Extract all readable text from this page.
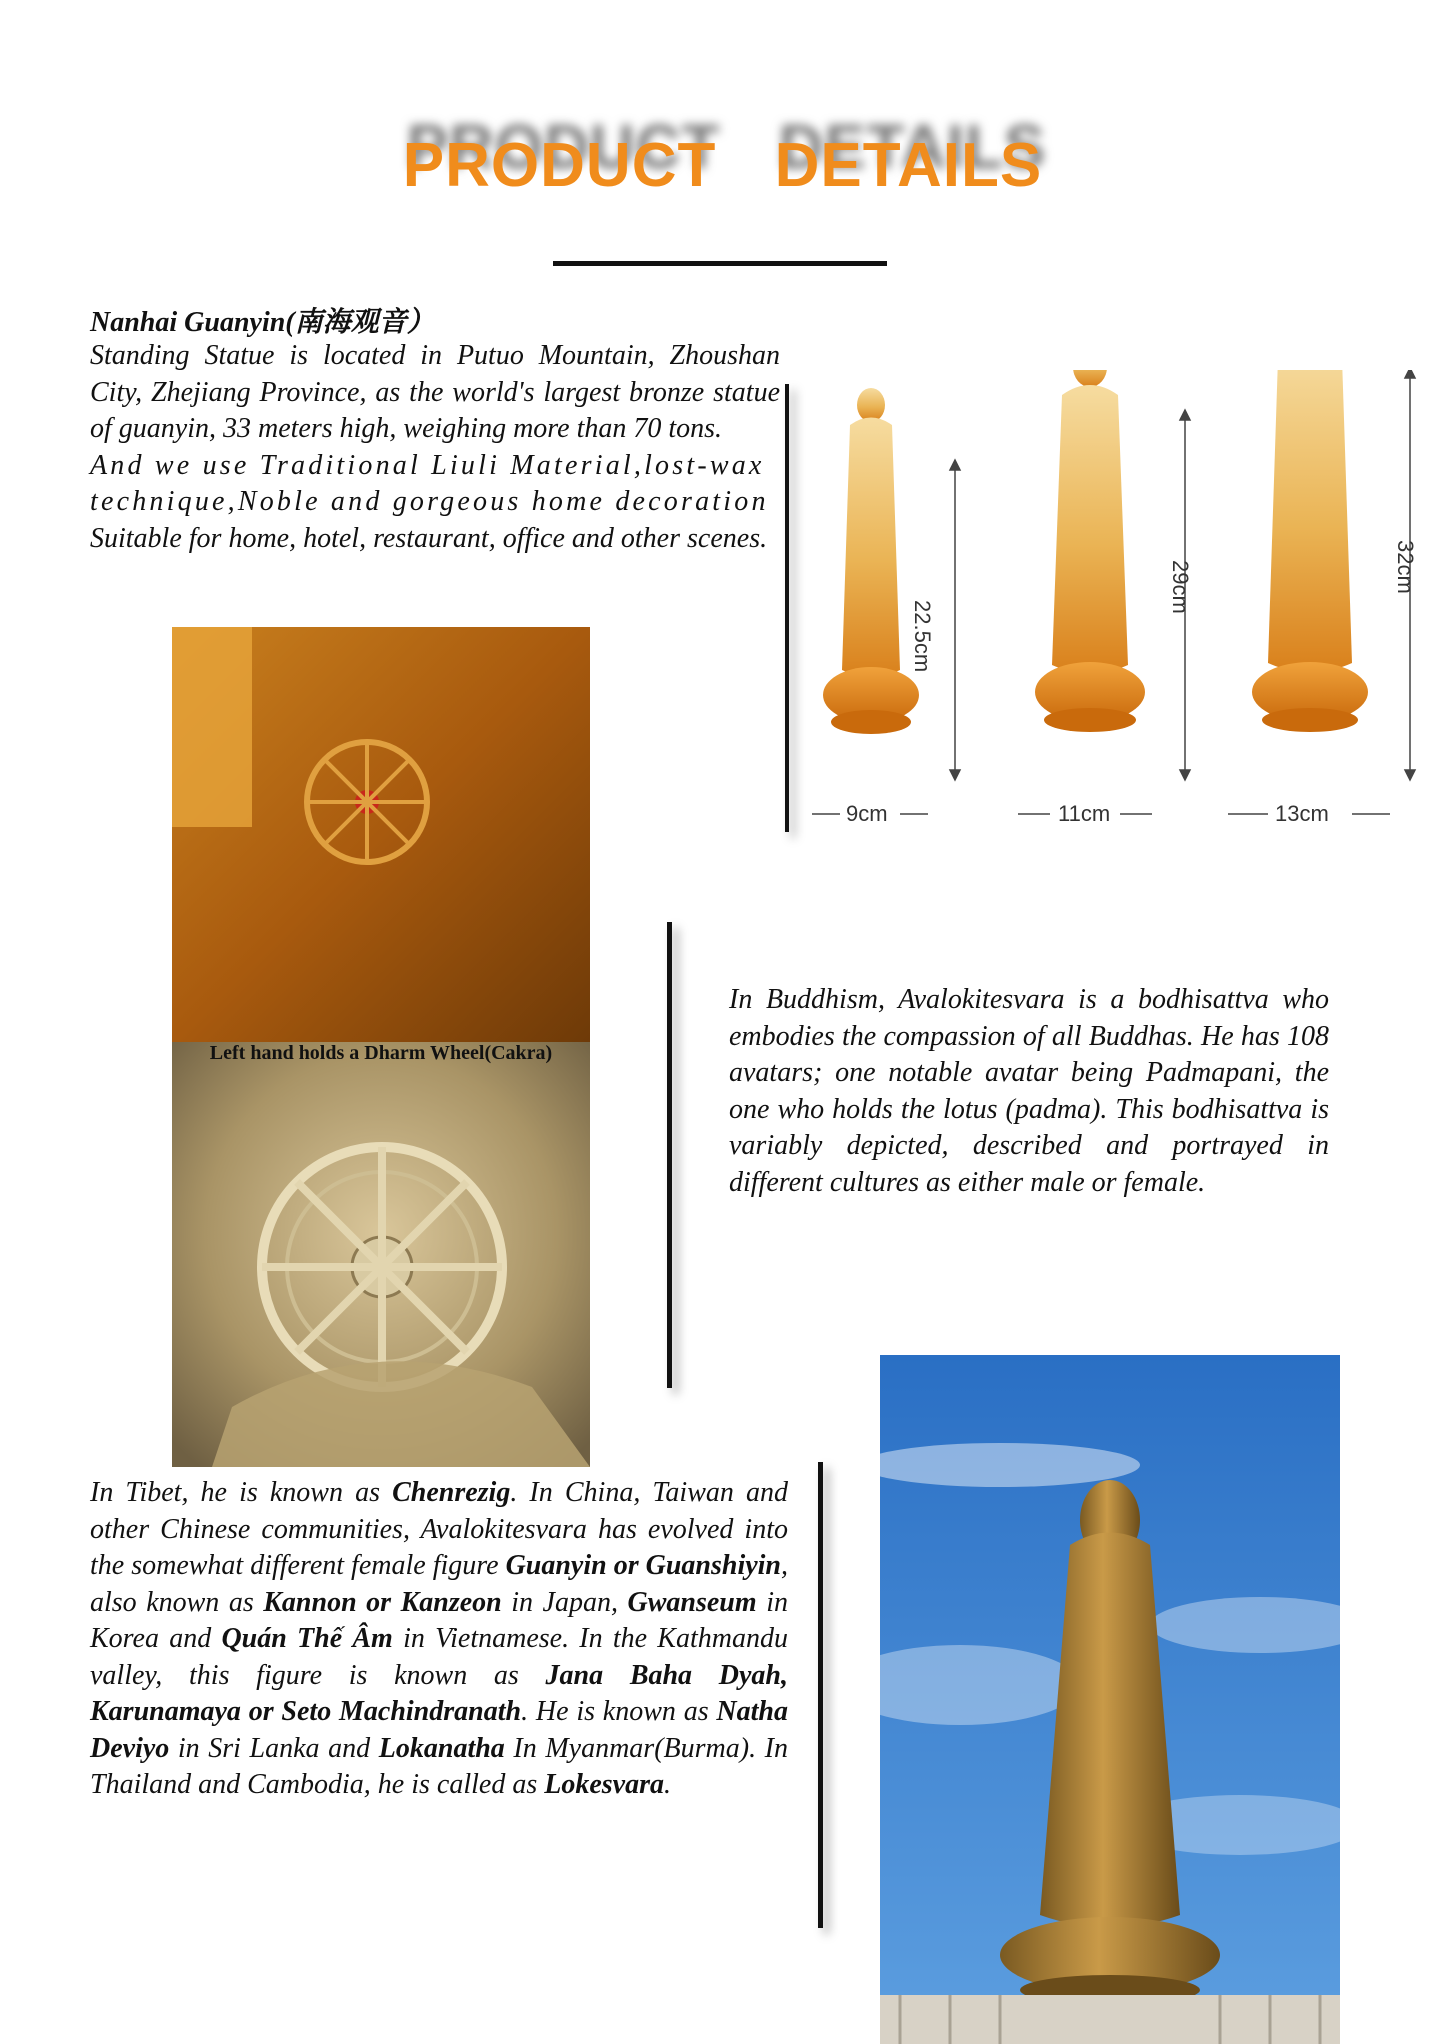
PRODUCT DETAILS
Nanhai Guanyin(南海观音）
Standing Statue is located in Putuo Mountain, Zhoushan City, Zhejiang Province, as the world's largest bronze statue of guanyin, 33 meters high, weighing more than 70 tons.
And we use Traditional Liuli Material,lost-wax technique,Noble and gorgeous home decoration
Suitable for home, hotel, restaurant, office and other scenes.
22.5cm
29cm	32cm
9cm	11cm	13cm
Left hand holds a Dharm Wheel(Cakra)
In Buddhism, Avalokitesvara is a bodhisattva who embodies the compassion of all Buddhas. He has 108 avatars; one notable avatar being Padmapani, the one who holds the lotus (padma). This bodhisattva is variably depicted, described and portrayed in different cultures as either male or female.
In Tibet, he is known as Chenrezig. In China, Taiwan and other Chinese communities, Avalokitesvara has evolved into the somewhat different female figure Guanyin or Guanshiyin, also known as Kannon or Kanzeon in Japan, Gwanseum in Korea and Quán Thế Âm in Vietnamese. In the Kathmandu valley, this figure is known as Jana Baha Dyah, Karunamaya or Seto Machindranath. He is known as Natha Deviyo in Sri Lanka and Lokanatha In Myanmar(Burma). In Thailand and Cambodia, he is called as Lokesvara.
